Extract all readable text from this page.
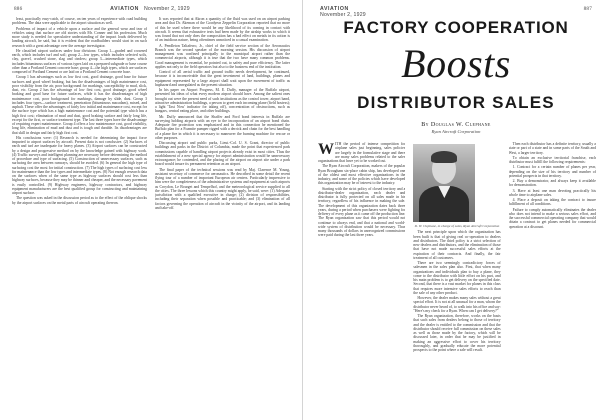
886	AVIATION November 2, 1929

least, practically easy-catch, of course, on ten years of experience with road building problems. The data were applicable to the airport situation as well.

Problems of impact of a vehicle upon a surface and the general wear and tear of vehicles using that surface are old stories with Mr. Conner and his profession. Much more study is needed for speculative understanding of the impact loads delivered by landing aircraft, he said, but it is evident that the roadbuilders would start in on such research with a great advantage over the average investigator.

He classified airport surfaces under four divisions: Group 1—graded and crowned earth, which includes turf and soil; group 2—low types, which includes selected soils, clay, gravel, crushed stone, slag and cinders; group 3—intermediate types, which includes bituminous surfaces of various types laid on a prepared subgrade or base course other than a Portland Cement concrete base; group 4—the high types, which are surfaces composed of Portland Cement or are laid on a Portland Cement concrete base.

Group 1 has advantages such as low first cost, good drainage, good base for future surfaces and good wheel braking, but has the disadvantages of high maintenance cost, poor visibility from the air, poor background for markings, susceptibility to mud, slick, dust, etc. Group 2 has the advantage of low first cost, good drainage, good wheel braking and good base for future surfaces, while it has the disadvantages of high maintenance cost, poor background for markings, damage by slide, dust. Group 3 includes four types—surface treatment, penetration (bituminous macadam), mixed, and asphalt. These offer the advantages of fairly low initial and maintenance cost, except for the surface type which has a high maintenance cost and the potential type which has a high first cost; elimination of mud and dust, good braking surface and fairly long life, except for the first, or surface treatment type. The last three types have the disadvantage of requiring expert maintenance. Group 4 offers a low maintenance cost, good visibility, long life, elimination of mud and dust and is tough and durable. Its disadvantages are that skill in design and fairly high first cost.

His conclusions were: (1) Research is needed for determining the impact force imparted to airport surfaces by aircraft. Present data is not conclusive. (2) Surfaces of earth and turf are inadequate for heavy planes. (3) Airport surfaces can be constructed by a design and progressive method on by the knowledge gained with highway work. (4) Traffic surveys and intelligent planning are necessary before determining the method of procedure and type of surfacing. (5) Construction of unnecessary surfaces, such as surfacing the area between runways, should be avoided. (6) In general the high type of surfacing cost the most for initial construction. (7) The high types of surfacing cost less for maintenance than the low types and intermediate types. (8) Not enough research data on the surfaces when of the same type as highway surfaces should cost less than highway surfaces, because they may be thinner and cheaper, and the necessary pavement is easily controlled. (9) Highway engineers, highway contractors, and highway equipment manufacturers are the best qualified group for constructing and maintaining airport surface.

The question was asked in the discussion period as to the effect of the oblique shocks by the airport surfaces on the metal parts of aircraft operating thereon.

It was reported that at Akron a quantity of the fluid was used on an airport parking area and that Dr. Akeman of the Goodyear Zeppelin Corporation reported that no more of this be used where there would be any likelihood of its coming in contact with aircraft. It seems that exhaustive tests had been made by the airship works to which it was found that not only does the composition has a bad effect on metals in its action is of an insidious nature, being oftentimes unnoticed in a casual examination.

A. Pendleton Taliaferro, Jr., chief of the field service section of the Aeronautics Branch was the second speaker of the morning session. His discussion of airport management was confined principally to the municipal airport rather than the commercial airports, although it is true that the two have many common problems. Good management is essential, he pointed out, to safety and pure efficiency. The latter applies not only to the field operators but also to the business end of the institution.

Control of all aerial traffic and ground traffic needs development, he continued, because it is inconceivable that the great investment of land, buildings, planes and equipment represented by a large airport shall wait upon the movement of traffic as haphazard and unregulated as the present situation.

In his paper on Airport Progress, M. E. Duffy, manager of the Buffalo airport, presented his ideas of what every modern airport should have. Among the salient ones brought out were the present need of such institutions as the control tower, airport band, attractive administration buildings, a person to greet each incoming plane (field hostess); a light 'Taxi Now' indicator for taking off), concentration of obstructions, such as hangars, central eating place, and other buildings.

Mr. Duffy announced that the Shaffer and Ford bond interests in Buffalo are surveying holding airports with an eye to the incorporation of an airport bond chain. Adequate fire protection was emphasized and in this connection he mentioned the Buffalo plan for a Foamite pumper rigged with a derrick and chain for the best handling of a plane fire in which it is necessary to maneuver the burning machine for rescue or other purposes.

Discussing airport and public parks, Lieut.-Col. U. S. Grant, director of public buildings and parks in the District of Columbia, made the point that experienced park commissions capable of handling airport projects already exist in most cities. Thus the establishment of a new special agency for airport administration would be unnecessary extravagance; he contended, and the placing of the airport on airport site under a park board would insure its permanent retention as an airport.

The final paper of the technical sessions was read by Maj. Clarence M. Young, assistant secretary of commerce for aeronautics. He described in some detail the recent flying tour of a number of important European air centers. Particularly impressive to him were the completeness of the administrative systems and equipment at such airports as Croydon, Le Bourget and Tempelhof, and the meteorological service supplied to all the cities. The three lessons which this country might apply, he said, were: (1) Adequate jurisdiction with a qualified executive in charge; (2) division of responsibilities, including their separation when possible and practicable; and (3) elimination of all factors governing the operation of aircraft in the vicinity of the airport, and its landing and take-off.

AVIATION
November 2, 1929
887
FACTORY COOPERATION
Boosts
DISTRIBUTOR SALES
By Douglas W. Clephane
Ryan Aircraft Corporation

WITH the period of intense competition for airplane sales just beginning, sales policies are largely in the formulative stage and there are many sales problems related to the sales organizations that have yet to be worked out.

The Ryan Aircraft Corporation, makers of the popular Ryan Brougham six-place cabin ship, has developed one of the oldest and most effective organizations in the industry, and some of the policies which have developed this organization may be of interest to the industry.

Starting with the strict policy of closed territory and a distributor-dealer organization, each dealer and distributor is fully protected on all sales made in his territory, regardless of his influence in making the sale. The development of this organization dates back three years, during a period when purchasers were fighting for delivery of every plane as it came off the production line. The Ryan organization saw that this period would not continue to always end, and that a national and world-wide system of distribution would be necessary. Thus many thousands of dollars in unrecognized commissions were paid during the last three years.

D. W. Clephane, in charge of sales, Ryan Aircraft Corporation

The next principle upon which the organization has been built is that of giving real co-operation to dealers and distributors. The third policy is a strict selection of new dealers and distributors, and the elimination of those that have not made successful sales efforts at the expiration of their contracts. And finally, the fair treatment of all customers.

There are two seemingly contradictory forces of salesmen in the sales plan also. First, that when many organizations and individuals plan to buy a plane, they come to the distributor with little effort on his part, and his main problem is to get delivery on the specified date. Second, that there is a vast market for planes in this class that requires more intensive sales efforts to reach than the sale of any other product.

However, the dealer makes many sales without a great special effort. It is not at all unusual for a man, whom the distributor never heard of, to walk into his office and say: "Here's my check for a Ryan. When can I get delivery?"

The Ryan organization, therefore, works on the basis that such sales from dealers belong to those of territory and the dealer is entitled to the commission and that the distributor should receive full commission on these sales as well as those made by the factory, which will be discussed later, in order that he may be justified in making an aggressive effort to cover his territory thoroughly, and gradually educate the more potential prospects to the point where a sale will result.

Then each distributor has a definite territory, usually a state or part of a state and in some parts of the South and West, a larger territory.

To obtain an exclusive territorial franchise, each distributor must fulfill the following requirements:

1. Contract for a certain number of planes per year, depending on the size of his territory and number of potential prospects in that territory.

2. Buy a demonstrator, and always keep it available for demonstration.

3. Have at least one man devoting practically his whole time to airplane sales.

4. Place a deposit on taking the contract to insure fulfillment of all conditions.

Failure to comply automatically eliminates the dealer who does not intend to make a serious sales effort, and the successful commercial operating company that would obtain a contract to get planes needed for commercial operation at a discount.
